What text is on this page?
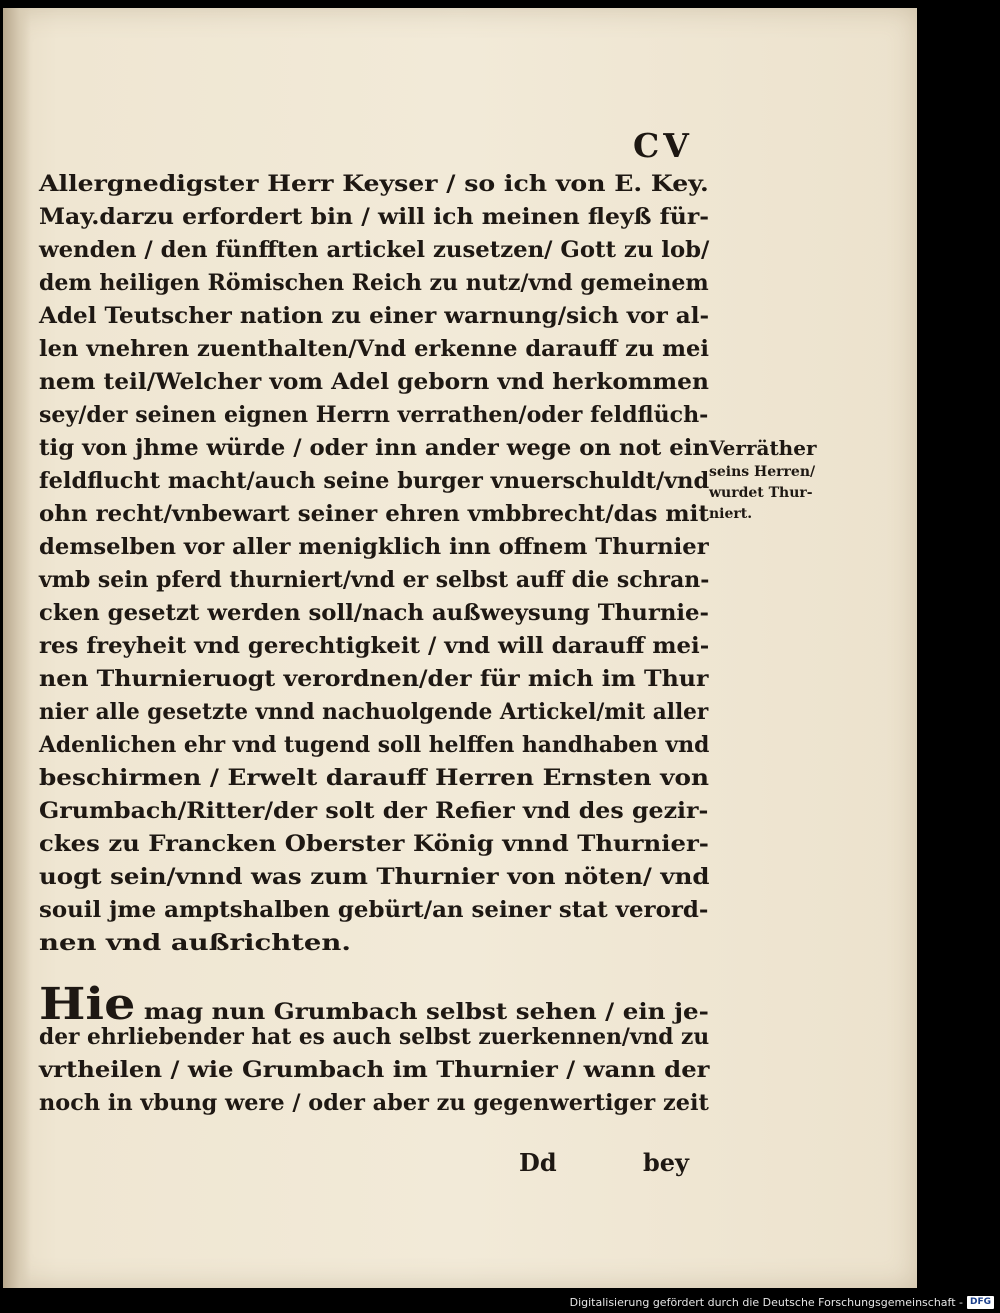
CV
Allergnedigster Herr Keyser / so ich von E. Key.
May.darzu erfordert bin / will ich meinen fleyß für-
wenden / den fünfften artickel zusetzen/ Gott zu lob/
dem heiligen Römischen Reich zu nutz/vnd gemeinem
Adel Teutscher nation zu einer warnung/sich vor al-
len vnehren zuenthalten/Vnd erkenne darauff zu mei
nem teil/Welcher vom Adel geborn vnd herkommen
sey/der seinen eignen Herrn verrathen/oder feldflüch-
tig von jhme würde / oder inn ander wege on not ein
feldflucht macht/auch seine burger vnuerschuldt/vnd
ohn recht/vnbewart seiner ehren vmbbrecht/das mit
demselben vor aller menigklich inn offnem Thurnier
vmb sein pferd thurniert/vnd er selbst auff die schran-
cken gesetzt werden soll/nach außweysung Thurnie-
res freyheit vnd gerechtigkeit / vnd will darauff mei-
nen Thurnieruogt verordnen/der für mich im Thur
nier alle gesetzte vnnd nachuolgende Artickel/mit aller
Adenlichen ehr vnd tugend soll helffen handhaben vnd
beschirmen / Erwelt darauff Herren Ernsten von
Grumbach/Ritter/der solt der Refier vnd des gezir-
ckes zu Francken Oberster König vnnd Thurnier-
uogt sein/vnnd was zum Thurnier von nöten/ vnd
souil jme amptshalben gebürt/an seiner stat verord-
nen vnd außrichten.
Hie mag nun Grumbach selbst sehen / ein je-
der ehrliebender hat es auch selbst zuerkennen/vnd zu
vrtheilen / wie Grumbach im Thurnier / wann der
noch in vbung were / oder aber zu gegenwertiger zeit
Dd	bey
Verräther
seins Herren/
wurdet Thur-
niert.
Digitalisierung gefördert durch die Deutsche Forschungsgemeinschaft - DFG
